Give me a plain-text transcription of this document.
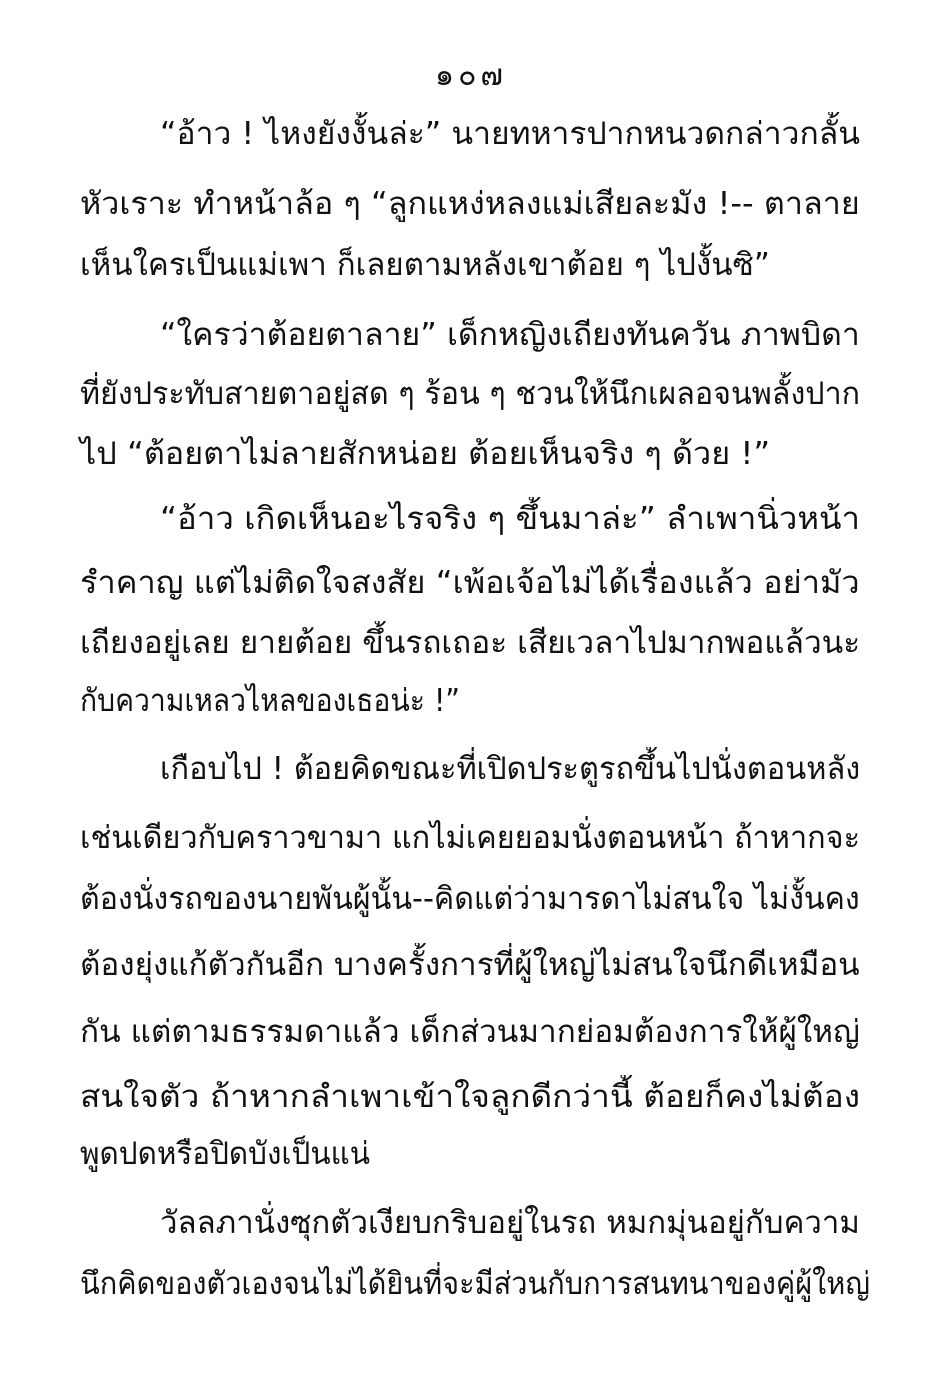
๑๐๗
“อ้าว ! ไหงยังงั้นล่ะ” นายทหารปากหนวดกล่าวกลั้น
หัวเราะ ทำหน้าล้อ ๆ “ลูกแหง่หลงแม่เสียละมัง !-- ตาลาย
เห็นใครเป็นแม่เพา ก็เลยตามหลังเขาต้อย ๆ ไปงั้นซิ”
“ใครว่าต้อยตาลาย” เด็กหญิงเถียงทันควัน ภาพบิดา
ที่ยังประทับสายตาอยู่สด ๆ ร้อน ๆ ชวนให้นึกเผลอจนพลั้งปาก
ไป “ต้อยตาไม่ลายสักหน่อย ต้อยเห็นจริง ๆ ด้วย !”
“อ้าว เกิดเห็นอะไรจริง ๆ ขึ้นมาล่ะ” ลำเพานิ่วหน้า
รำคาญ แต่ไม่ติดใจสงสัย “เพ้อเจ้อไม่ได้เรื่องแล้ว อย่ามัว
เถียงอยู่เลย ยายต้อย ขึ้นรถเถอะ เสียเวลาไปมากพอแล้วนะ
กับความเหลวไหลของเธอน่ะ !”
เกือบไป ! ต้อยคิดขณะที่เปิดประตูรถขึ้นไปนั่งตอนหลัง
เช่นเดียวกับคราวขามา แกไม่เคยยอมนั่งตอนหน้า ถ้าหากจะ
ต้องนั่งรถของนายพันผู้นั้น--คิดแต่ว่ามารดาไม่สนใจ ไม่งั้นคง
ต้องยุ่งแก้ตัวกันอีก บางครั้งการที่ผู้ใหญ่ไม่สนใจนึกดีเหมือน
กัน แต่ตามธรรมดาแล้ว เด็กส่วนมากย่อมต้องการให้ผู้ใหญ่
สนใจตัว ถ้าหากลำเพาเข้าใจลูกดีกว่านี้ ต้อยก็คงไม่ต้อง
พูดปดหรือปิดบังเป็นแน่
วัลลภานั่งซุกตัวเงียบกริบอยู่ในรถ หมกมุ่นอยู่กับความ
นึกคิดของตัวเองจนไม่ได้ยินที่จะมีส่วนกับการสนทนาของคู่ผู้ใหญ่
